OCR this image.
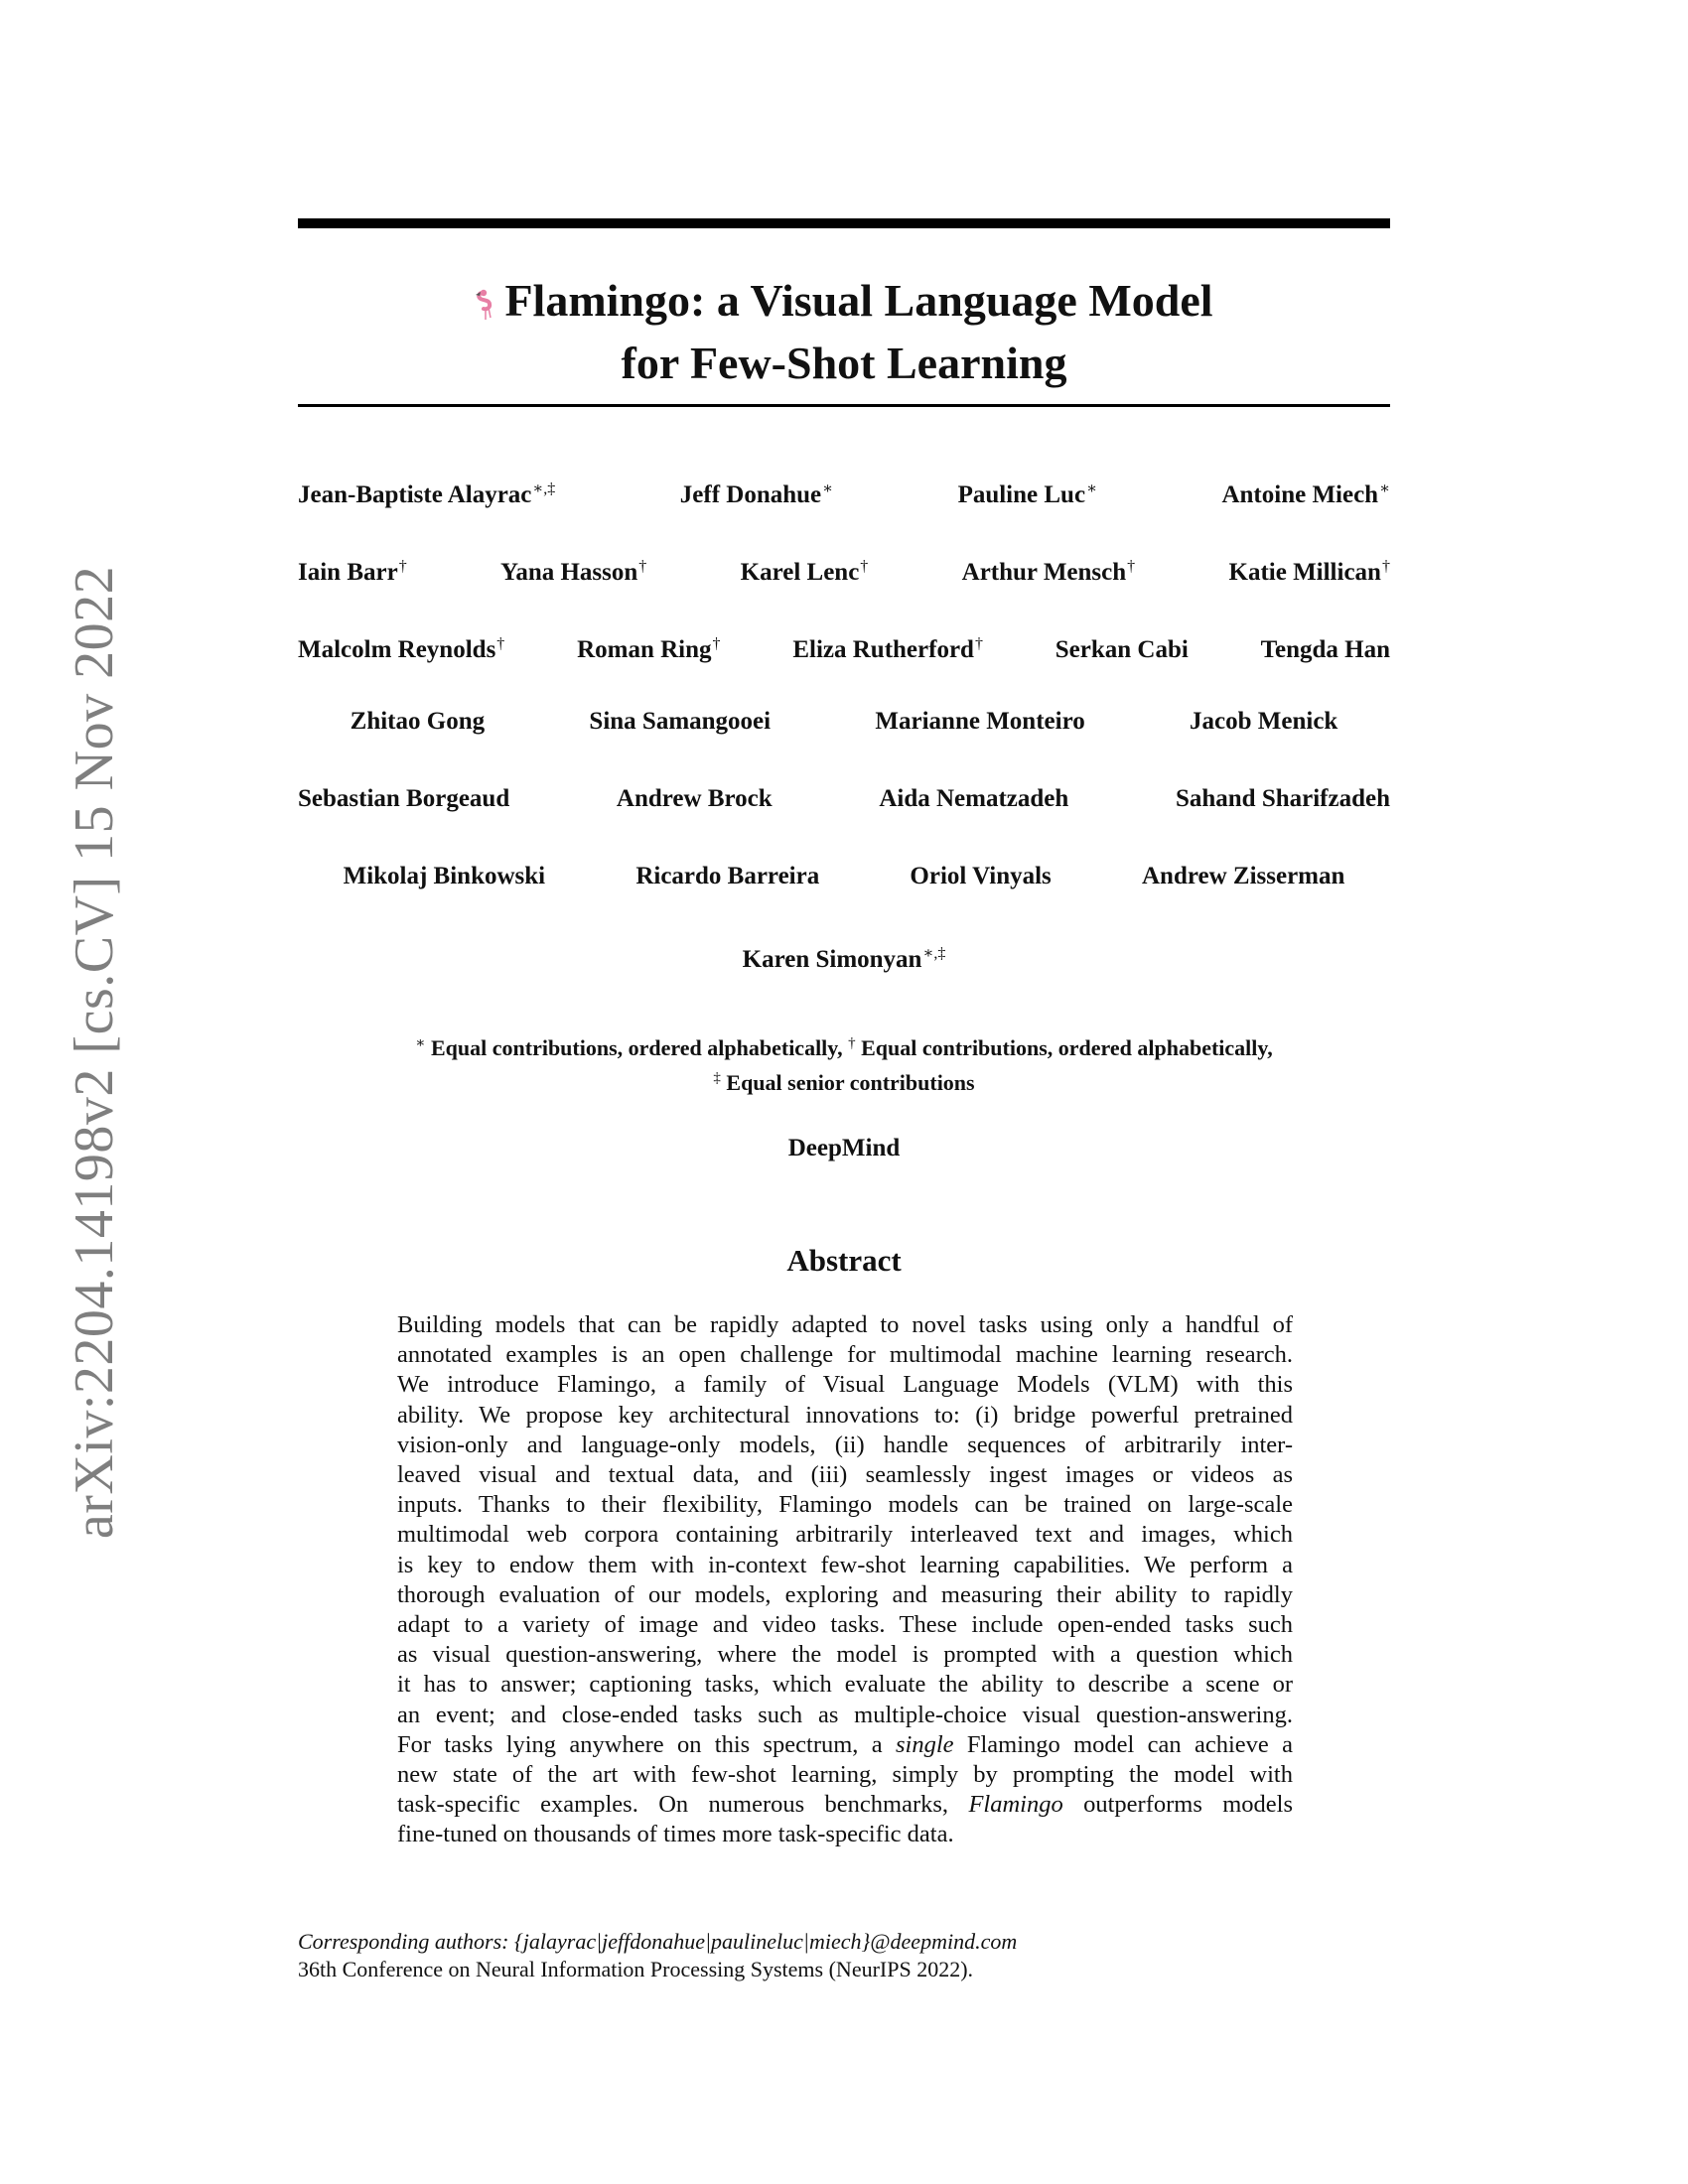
arXiv:2204.14198v2 [cs.CV] 15 Nov 2022
Flamingo: a Visual Language Model
for Few-Shot Learning
Jean-Baptiste Alayrac∗,‡	Jeff Donahue∗	Pauline Luc∗	Antoine Miech∗
Iain Barr†	Yana Hasson†	Karel Lenc†	Arthur Mensch†	Katie Millican†
Malcolm Reynolds†	Roman Ring†	Eliza Rutherford†	Serkan Cabi	Tengda Han
Zhitao Gong	Sina Samangooei	Marianne Monteiro	Jacob Menick
Sebastian Borgeaud	Andrew Brock	Aida Nematzadeh	Sahand Sharifzadeh
Mikolaj Binkowski	Ricardo Barreira	Oriol Vinyals	Andrew Zisserman
Karen Simonyan∗,‡
∗ Equal contributions, ordered alphabetically, † Equal contributions, ordered alphabetically,
‡ Equal senior contributions
DeepMind
Abstract
Building models that can be rapidly adapted to novel tasks using only a handful of
annotated examples is an open challenge for multimodal machine learning research.
We introduce Flamingo, a family of Visual Language Models (VLM) with this
ability. We propose key architectural innovations to: (i) bridge powerful pretrained
vision-only and language-only models, (ii) handle sequences of arbitrarily inter-
leaved visual and textual data, and (iii) seamlessly ingest images or videos as
inputs. Thanks to their flexibility, Flamingo models can be trained on large-scale
multimodal web corpora containing arbitrarily interleaved text and images, which
is key to endow them with in-context few-shot learning capabilities. We perform a
thorough evaluation of our models, exploring and measuring their ability to rapidly
adapt to a variety of image and video tasks. These include open-ended tasks such
as visual question-answering, where the model is prompted with a question which
it has to answer; captioning tasks, which evaluate the ability to describe a scene or
an event; and close-ended tasks such as multiple-choice visual question-answering.
For tasks lying anywhere on this spectrum, a single Flamingo model can achieve a
new state of the art with few-shot learning, simply by prompting the model with
task-specific examples. On numerous benchmarks, Flamingo outperforms models
fine-tuned on thousands of times more task-specific data.
Corresponding authors: {jalayrac|jeffdonahue|paulineluc|miech}@deepmind.com
36th Conference on Neural Information Processing Systems (NeurIPS 2022).
